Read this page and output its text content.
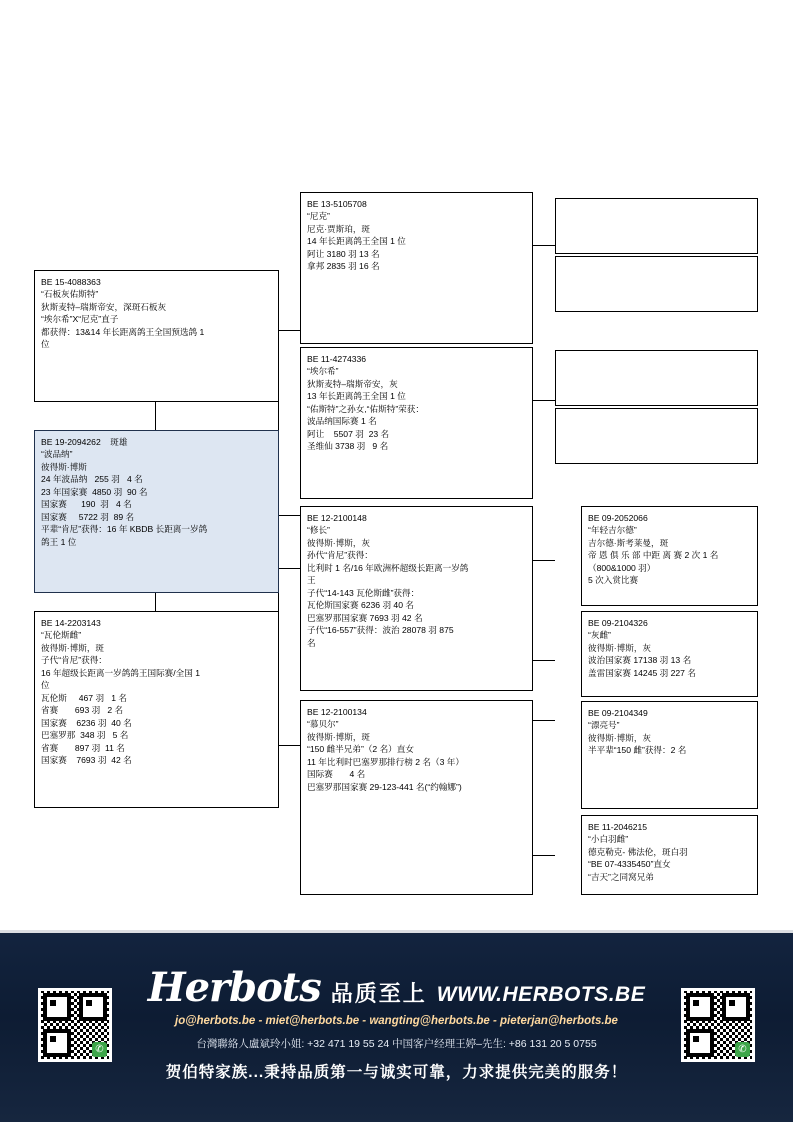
BE 19-2094262    斑雄
“波品纳”
彼得斯·博斯
24 年波品纳   255 羽   4 名
23 年国家赛  4850 羽  90 名
国家赛      190  羽   4 名
国家赛     5722 羽  89 名
平辈“肯尼”获得：16 年 KBDB 长距离一岁鸽
鸽王 1 位
BE 15-4088363
“石板灰佑斯特”
狄斯麦特–瑞斯帝安，深斑石板灰
“埃尔希”X“尼克”直子
都获得：13&14 年长距离鸽王全国预选鸽 1
位
BE 14-2203143
“瓦伦斯雌”
彼得斯·博斯，斑
子代“肯尼”获得：
16 年超级长距离一岁鸽鸽王国际赛/全国 1
位
瓦伦斯     467 羽   1 名
省赛       693 羽   2 名
国家赛    6236 羽  40 名
巴塞罗那  348 羽   5 名
省赛       897 羽  11 名
国家赛    7693 羽  42 名
BE 13-5105708
“尼克”
尼克·贾斯珀，斑
14 年长距离鸽王全国 1 位
阿让 3180 羽 13 名
拿邦 2835 羽 16 名
BE 11-4274336
“埃尔希”
狄斯麦特–瑞斯帝安，灰
13 年长距离鸽王全国 1 位
“佑斯特”之孙女,“佑斯特”荣获：
波品纳国际赛 1 名
阿让    5507 羽  23 名
圣维仙 3738 羽   9 名
BE 12-2100148
“修长”
彼得斯·博斯，灰
孙代“肯尼”获得：
比利时 1 名/16 年欧洲杯超级长距离一岁鸽
王
子代“14-143 瓦伦斯雌”获得：
瓦伦斯国家赛 6236 羽 40 名
巴塞罗那国家赛 7693 羽 42 名
子代“16-557”获得：波治 28078 羽 875
名
BE 12-2100134
“慕贝尔”
彼得斯·博斯，斑
“150 雌半兄弟”（2 名）直女
11 年比利时巴塞罗那排行榜 2 名（3 年）
国际赛       4 名
巴塞罗那国家赛 29-123-441 名(“约翰娜”)
BE 09-2052066
“年轻吉尔德”
吉尔德·斯考莱曼，斑
帝 恩 俱 乐 部 中距 离 赛 2 次 1 名
（800&1000 羽）
5 次入赏比赛
BE 09-2104326
“灰雌”
彼得斯·博斯，灰
波治国家赛 17138 羽 13 名
盖雷国家赛 14245 羽 227 名
BE 09-2104349
“漂亮号”
彼得斯·博斯，灰
半平辈“150 雌”获得：2 名
BE 11-2046215
“小白羽雌”
德克勒克- 佛法伦，斑白羽
“BE 07-4335450”直女
“吉天”之同窝兄弟
✆	✆
Herbots 品质至上 WWW.HERBOTS.BE
jo@herbots.be - miet@herbots.be - wangting@herbots.be - pieterjan@herbots.be
台灣聯絡人盧斌玲小姐: +32 471 19 55 24 中国客户经理王婷–先生: +86 131 20 5 0755
贺伯特家族...秉持品质第一与诚实可靠，力求提供完美的服务！
